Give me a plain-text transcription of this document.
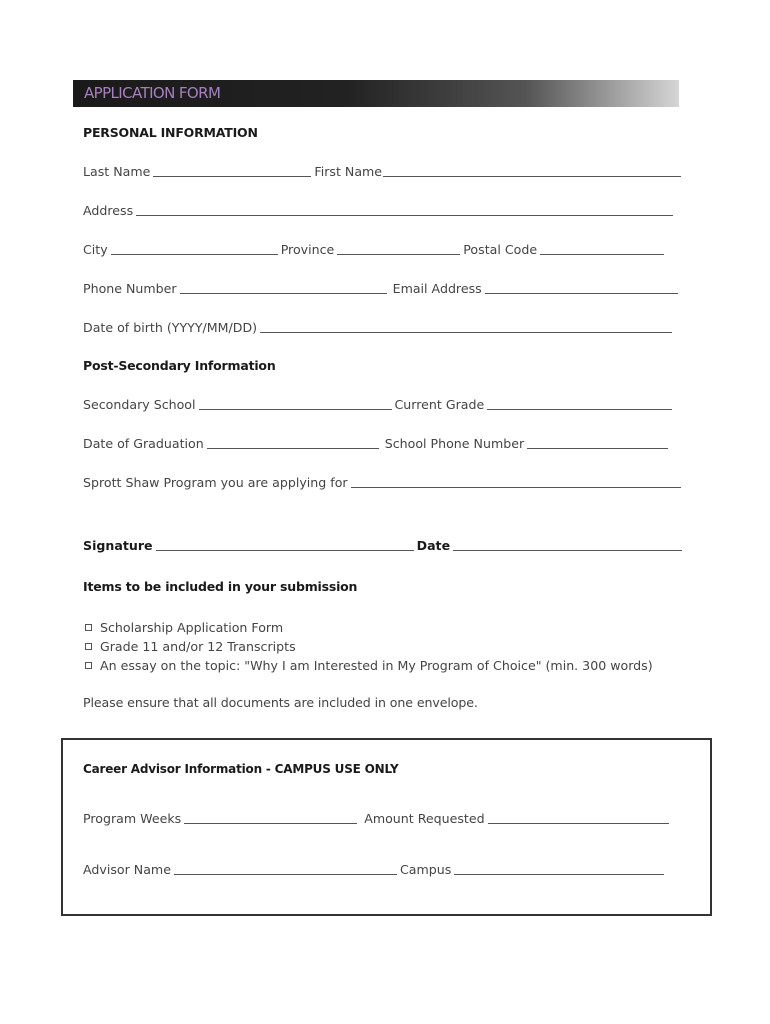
APPLICATION FORM
PERSONAL INFORMATION
Last Name	First Name
Address
City	Province	Postal Code
Phone Number	Email Address
Date of birth (YYYY/MM/DD)
Post-Secondary Information
Secondary School	Current Grade
Date of Graduation	School Phone Number
Sprott Shaw Program you are applying for
Signature	Date
Items to be included in your submission
Scholarship Application Form
Grade 11 and/or 12 Transcripts
An essay on the topic: "Why I am Interested in My Program of Choice" (min. 300 words)
Please ensure that all documents are included in one envelope.
Career Advisor Information - CAMPUS USE ONLY
Program Weeks	Amount Requested
Advisor Name	Campus
